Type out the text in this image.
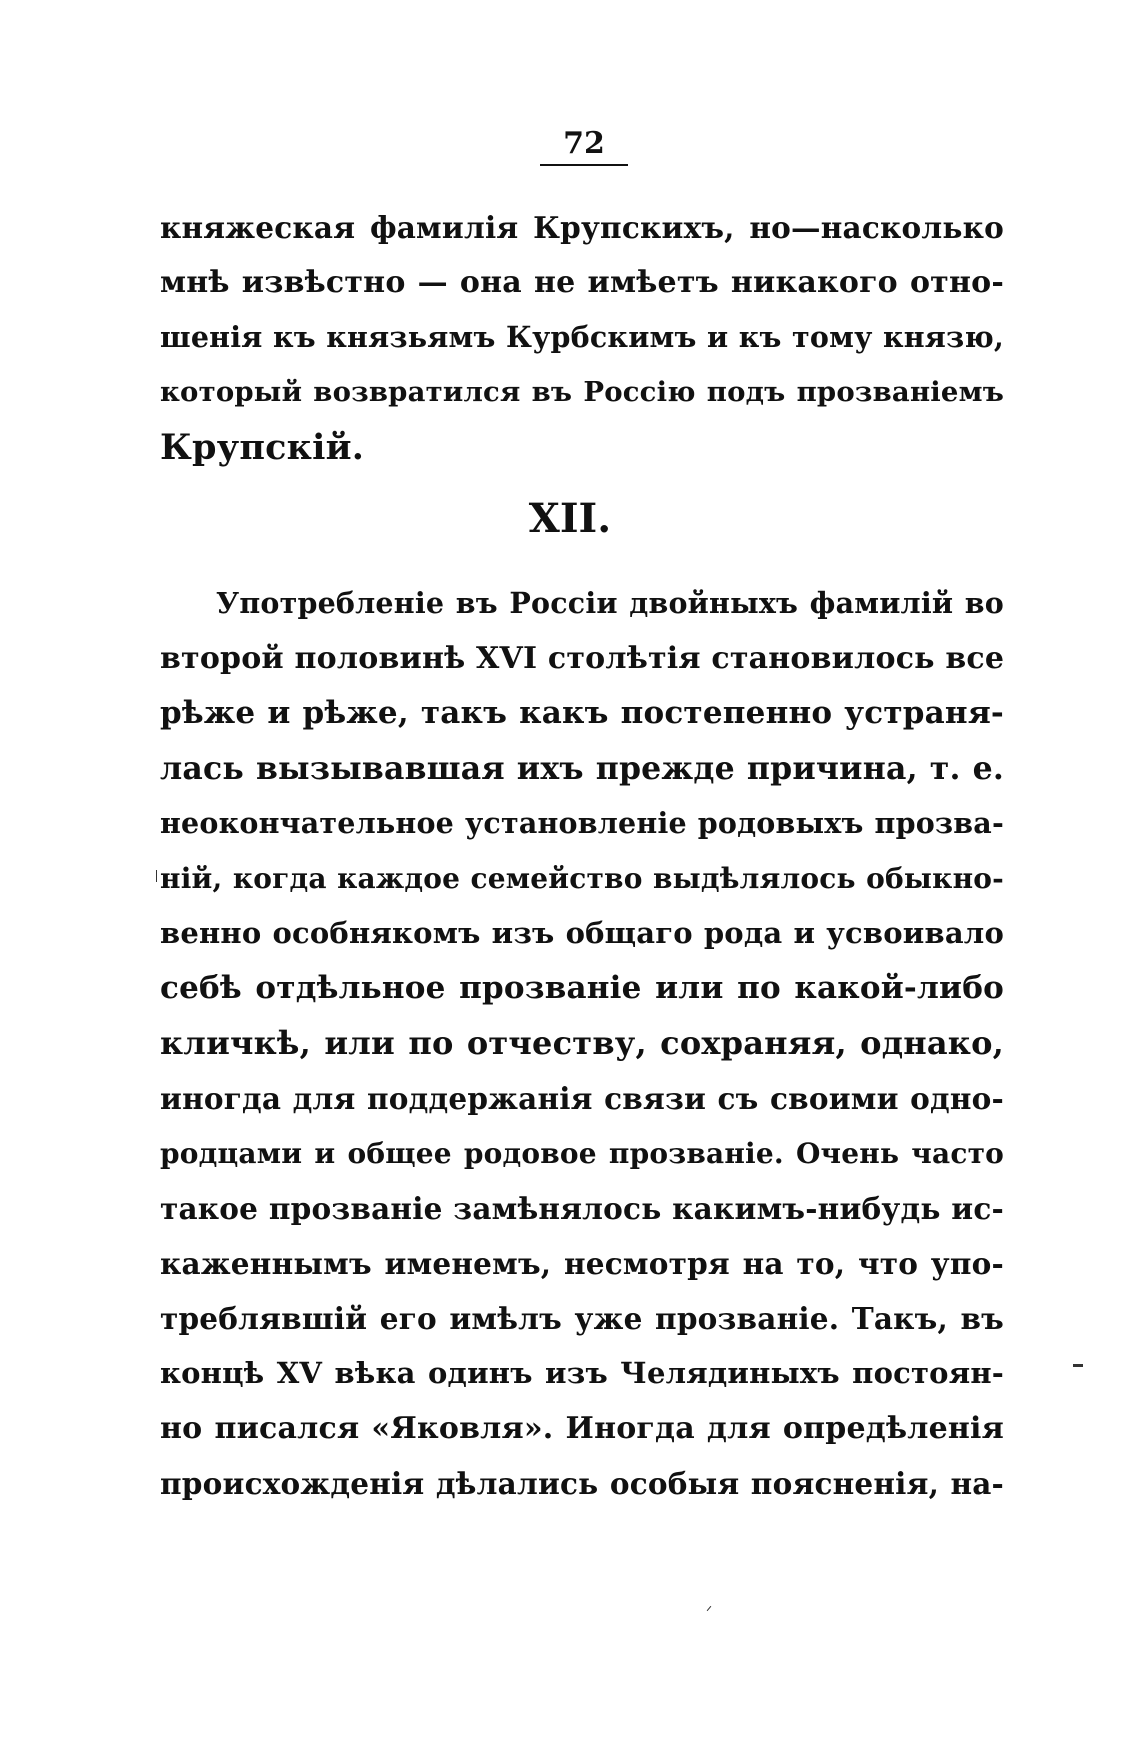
72
княжеская фамилія Крупскихъ, но—насколько
мнѣ извѣстно — она не имѣетъ никакого отно-
шенія къ князьямъ Курбскимъ и къ тому князю,
который возвратился въ Россію подъ прозваніемъ
Крупскій.
XII.
Употребленіе въ Россіи двойныхъ фамилій во
второй половинѣ XVI столѣтія становилось все
рѣже и рѣже, такъ какъ постепенно устраня-
лась вызывавшая ихъ прежде причина, т. е.
неокончательное установленіе родовыхъ прозва-
ній, когда каждое семейство выдѣлялось обыкно-
венно особнякомъ изъ общаго рода и усвоивало
себѣ отдѣльное прозваніе или по какой-либо
кличкѣ, или по отчеству, сохраняя, однако,
иногда для поддержанія связи съ своими одно-
родцами и общее родовое прозваніе. Очень часто
такое прозваніе замѣнялось какимъ-нибудь ис-
каженнымъ именемъ, несмотря на то, что упо-
треблявшій его имѣлъ уже прозваніе. Такъ, въ
концѣ XV вѣка одинъ изъ Челядиныхъ постоян-
но писался «Яковля». Иногда для опредѣленія
происхожденія дѣлались особыя поясненія, на-
